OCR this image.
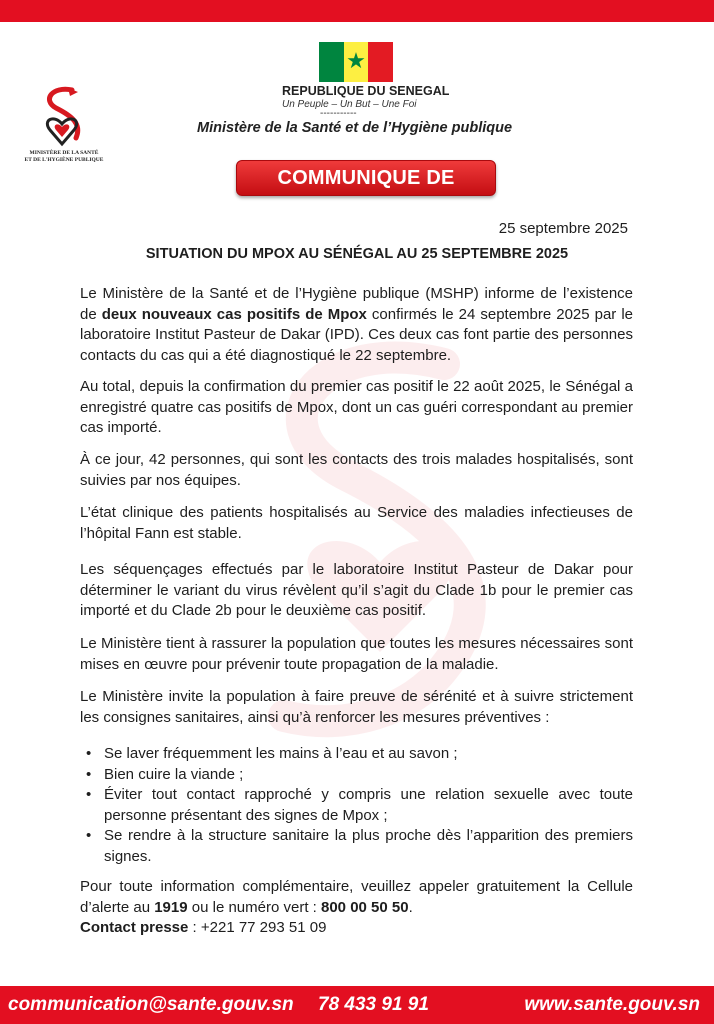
★
REPUBLIQUE DU SENEGAL
Un Peuple – Un But – Une Foi
-----------
Ministère de la Santé et de l’Hygiène publique
MINISTÈRE DE LA SANTÉ
ET DE L'HYGIÈNE PUBLIQUE
COMMUNIQUE DE PRESSE
25 septembre 2025
SITUATION DU MPOX AU SÉNÉGAL AU 25 SEPTEMBRE 2025

Le Ministère de la Santé et de l’Hygiène publique (MSHP) informe de l’existence de deux nouveaux cas positifs de Mpox confirmés le 24 septembre 2025 par le laboratoire Institut Pasteur de Dakar (IPD). Ces deux cas font partie des personnes contacts du cas qui a été diagnostiqué le 22 septembre.

Au total, depuis la confirmation du premier cas positif le 22 août 2025, le Sénégal a enregistré quatre cas positifs de Mpox, dont un cas guéri correspondant au premier cas importé.

À ce jour, 42 personnes, qui sont les contacts des trois malades hospitalisés, sont suivies par nos équipes.

L’état clinique des patients hospitalisés au Service des maladies infectieuses de l’hôpital Fann est stable.

Les séquençages effectués par le laboratoire Institut Pasteur de Dakar pour déterminer le variant du virus révèlent qu’il s’agit du Clade 1b pour le premier cas importé et du Clade 2b pour le deuxième cas positif.

Le Ministère tient à rassurer la population que toutes les mesures nécessaires sont mises en œuvre pour prévenir toute propagation de la maladie.

Le Ministère invite la population à faire preuve de sérénité et à suivre strictement les consignes sanitaires, ainsi qu’à renforcer les mesures préventives :

• Se laver fréquemment les mains à l’eau et au savon ;
• Bien cuire la viande ;
• Éviter tout contact rapproché y compris une relation sexuelle avec toute personne présentant des signes de Mpox ;
• Se rendre à la structure sanitaire la plus proche dès l’apparition des premiers signes.

Pour toute information complémentaire, veuillez appeler gratuitement la Cellule d’alerte au 1919 ou le numéro vert : 800 00 50 50.
Contact presse : +221 77 293 51 09

communication@sante.gouv.sn 78 433 91 91	www.sante.gouv.sn
